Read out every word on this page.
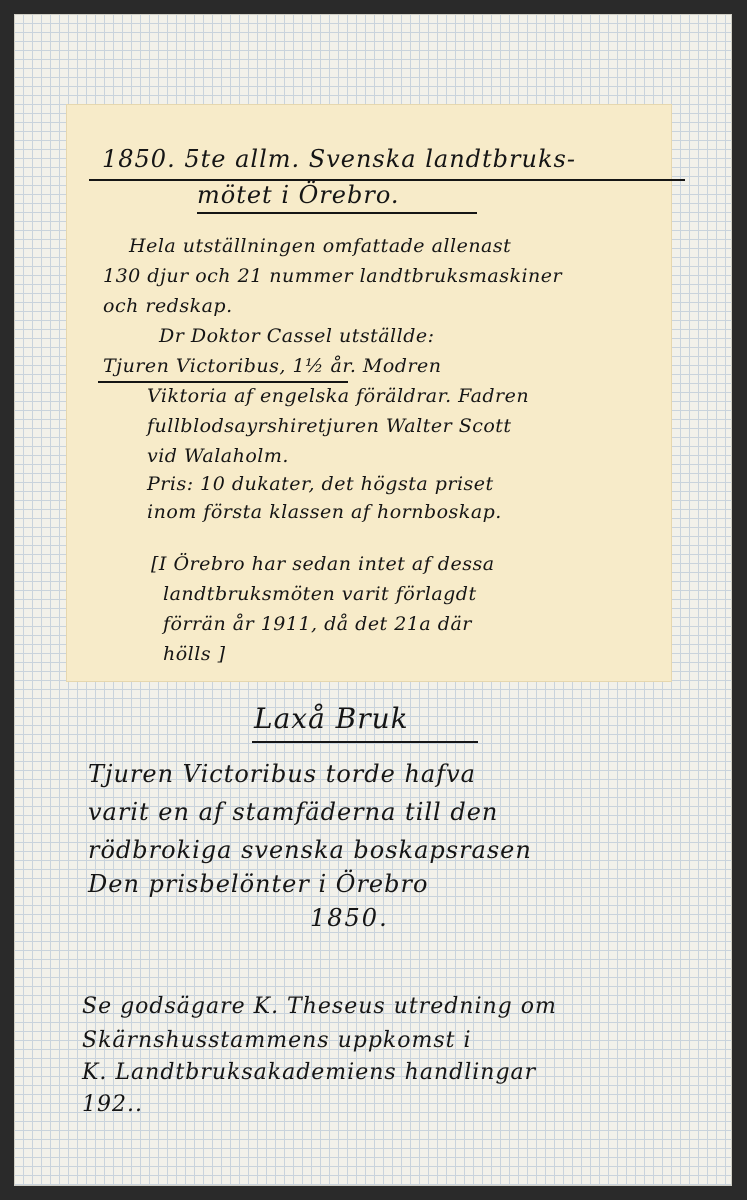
1850. 5te allm. Svenska landtbruks-
mötet i Örebro.
Hela utställningen omfattade allenast
130 djur och 21 nummer landtbruksmaskiner
och redskap.
Dr Doktor Cassel utställde:
Tjuren Victoribus, 1½ år. Modren
Viktoria af engelska föräldrar. Fadren
fullblodsayrshiretjuren Walter Scott
vid Walaholm.
Pris: 10 dukater, det högsta priset
inom första klassen af hornboskap.
[I Örebro har sedan intet af dessa
landtbruksmöten varit förlagdt
förrän år 1911, då det 21a där
hölls ]
Laxå Bruk
Tjuren Victoribus torde hafva
varit en af stamfäderna till den
rödbrokiga svenska boskapsrasen
Den prisbelönter i Örebro
1850.
Se godsägare K. Theseus utredning om
Skärnshusstammens uppkomst i
K. Landtbruksakademiens handlingar
192..
